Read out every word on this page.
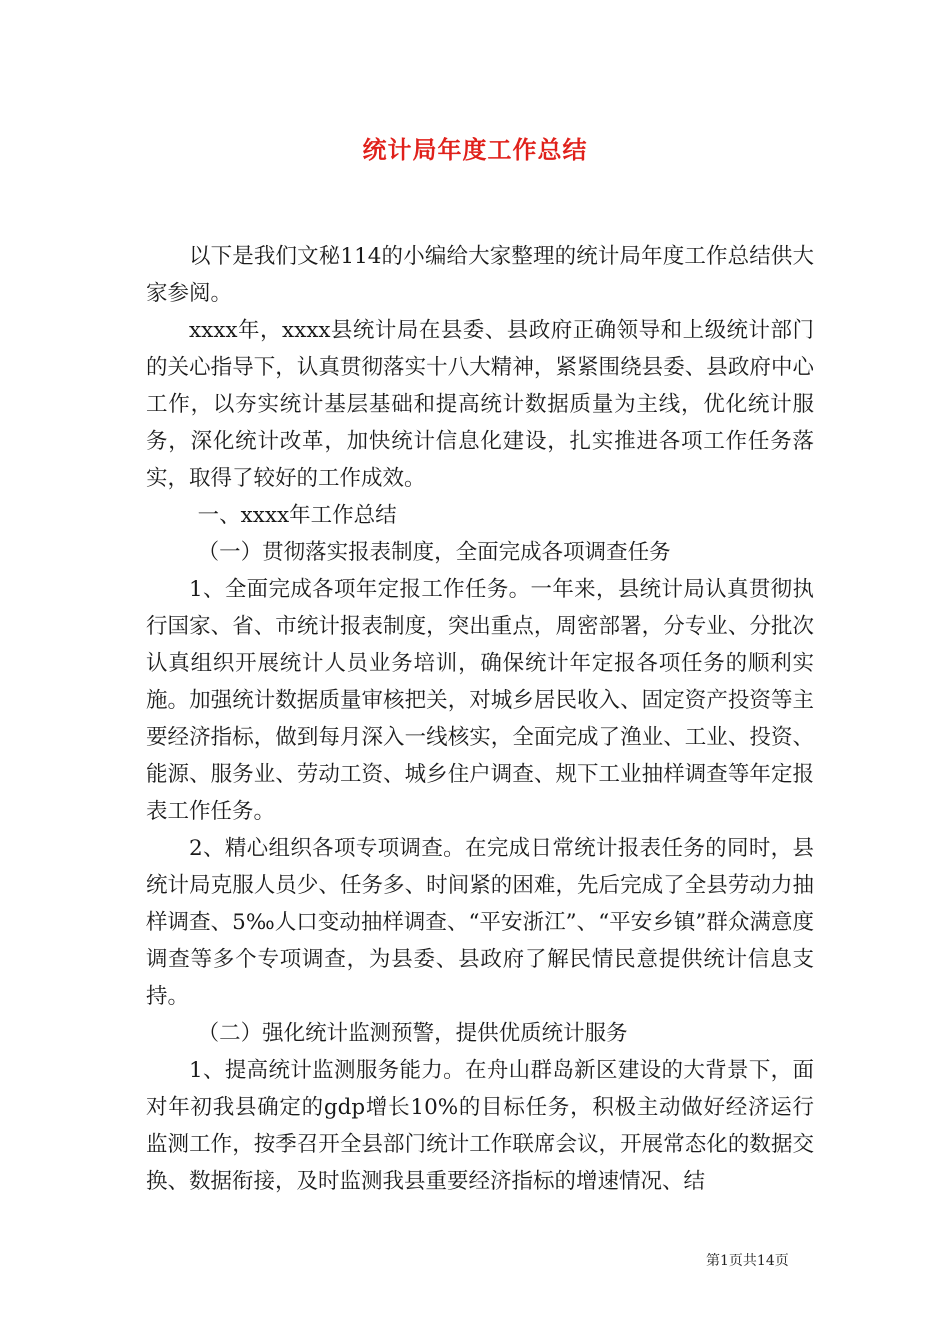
统计局年度工作总结

以下是我们文秘114的小编给大家整理的统计局年度工作总结供大家参阅。

xxxx年，xxxx县统计局在县委、县政府正确领导和上级统计部门的关心指导下，认真贯彻落实十八大精神，紧紧围绕县委、县政府中心工作，以夯实统计基层基础和提高统计数据质量为主线，优化统计服务，深化统计改革，加快统计信息化建设，扎实推进各项工作任务落实，取得了较好的工作成效。

一、xxxx年工作总结

（一）贯彻落实报表制度，全面完成各项调查任务

1、全面完成各项年定报工作任务。一年来，县统计局认真贯彻执行国家、省、市统计报表制度，突出重点，周密部署，分专业、分批次认真组织开展统计人员业务培训，确保统计年定报各项任务的顺利实施。加强统计数据质量审核把关，对城乡居民收入、固定资产投资等主要经济指标，做到每月深入一线核实，全面完成了渔业、工业、投资、能源、服务业、劳动工资、城乡住户调查、规下工业抽样调查等年定报表工作任务。

2、精心组织各项专项调查。在完成日常统计报表任务的同时，县统计局克服人员少、任务多、时间紧的困难，先后完成了全县劳动力抽样调查、5‰人口变动抽样调查、“平安浙江”、“平安乡镇”群众满意度调查等多个专项调查，为县委、县政府了解民情民意提供统计信息支持。

（二）强化统计监测预警，提供优质统计服务

1、提高统计监测服务能力。在舟山群岛新区建设的大背景下，面对年初我县确定的gdp增长10%的目标任务，积极主动做好经济运行监测工作，按季召开全县部门统计工作联席会议，开展常态化的数据交换、数据衔接，及时监测我县重要经济指标的增速情况、结

第1页共14页
